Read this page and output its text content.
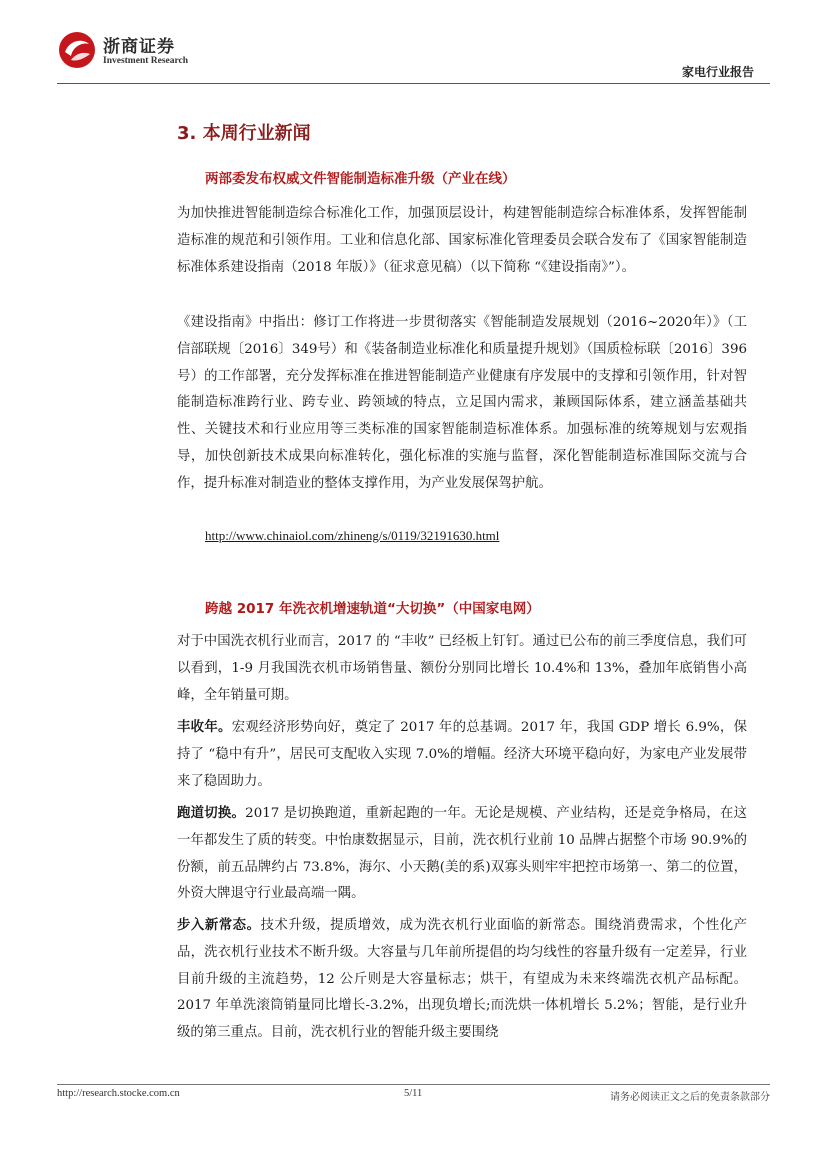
浙商证券
Investment Research
家电行业报告
3. 本周行业新闻
两部委发布权威文件智能制造标准升级（产业在线）

为加快推进智能制造综合标准化工作，加强顶层设计，构建智能制造综合标准体系，发挥智能制造标准的规范和引领作用。工业和信息化部、国家标准化管理委员会联合发布了《国家智能制造标准体系建设指南（2018 年版）》（征求意见稿）（以下简称 “《建设指南》”）。

《建设指南》中指出：修订工作将进一步贯彻落实《智能制造发展规划（2016~2020年）》（工信部联规〔2016〕349号）和《装备制造业标准化和质量提升规划》（国质检标联〔2016〕396号）的工作部署，充分发挥标准在推进智能制造产业健康有序发展中的支撑和引领作用，针对智能制造标准跨行业、跨专业、跨领域的特点，立足国内需求，兼顾国际体系，建立涵盖基础共性、关键技术和行业应用等三类标准的国家智能制造标准体系。加强标准的统筹规划与宏观指导，加快创新技术成果向标准转化，强化标准的实施与监督，深化智能制造标准国际交流与合作，提升标准对制造业的整体支撑作用，为产业发展保驾护航。

http://www.chinaiol.com/zhineng/s/0119/32191630.html
跨越 2017 年洗衣机增速轨道“大切换”（中国家电网）

对于中国洗衣机行业而言，2017 的 “丰收” 已经板上钉钉。通过已公布的前三季度信息，我们可以看到，1-9 月我国洗衣机市场销售量、额份分别同比增长 10.4%和 13%，叠加年底销售小高峰，全年销量可期。

丰收年。宏观经济形势向好，奠定了 2017 年的总基调。2017 年，我国 GDP 增长 6.9%，保持了 “稳中有升”，居民可支配收入实现 7.0%的增幅。经济大环境平稳向好，为家电产业发展带来了稳固助力。

跑道切换。2017 是切换跑道，重新起跑的一年。无论是规模、产业结构，还是竞争格局，在这一年都发生了质的转变。中怡康数据显示，目前，洗衣机行业前 10 品牌占据整个市场 90.9%的份额，前五品牌约占 73.8%，海尔、小天鹅(美的系)双寡头则牢牢把控市场第一、第二的位置，外资大牌退守行业最高端一隅。

步入新常态。技术升级，提质增效，成为洗衣机行业面临的新常态。围绕消费需求，个性化产品，洗衣机行业技术不断升级。大容量与几年前所提倡的均匀线性的容量升级有一定差异，行业目前升级的主流趋势，12 公斤则是大容量标志；烘干，有望成为未来终端洗衣机产品标配。2017 年单洗滚筒销量同比增长-3.2%，出现负增长;而洗烘一体机增长 5.2%；智能，是行业升级的第三重点。目前，洗衣机行业的智能升级主要围绕

http://research.stocke.com.cn	5/11	请务必阅读正文之后的免责条款部分
